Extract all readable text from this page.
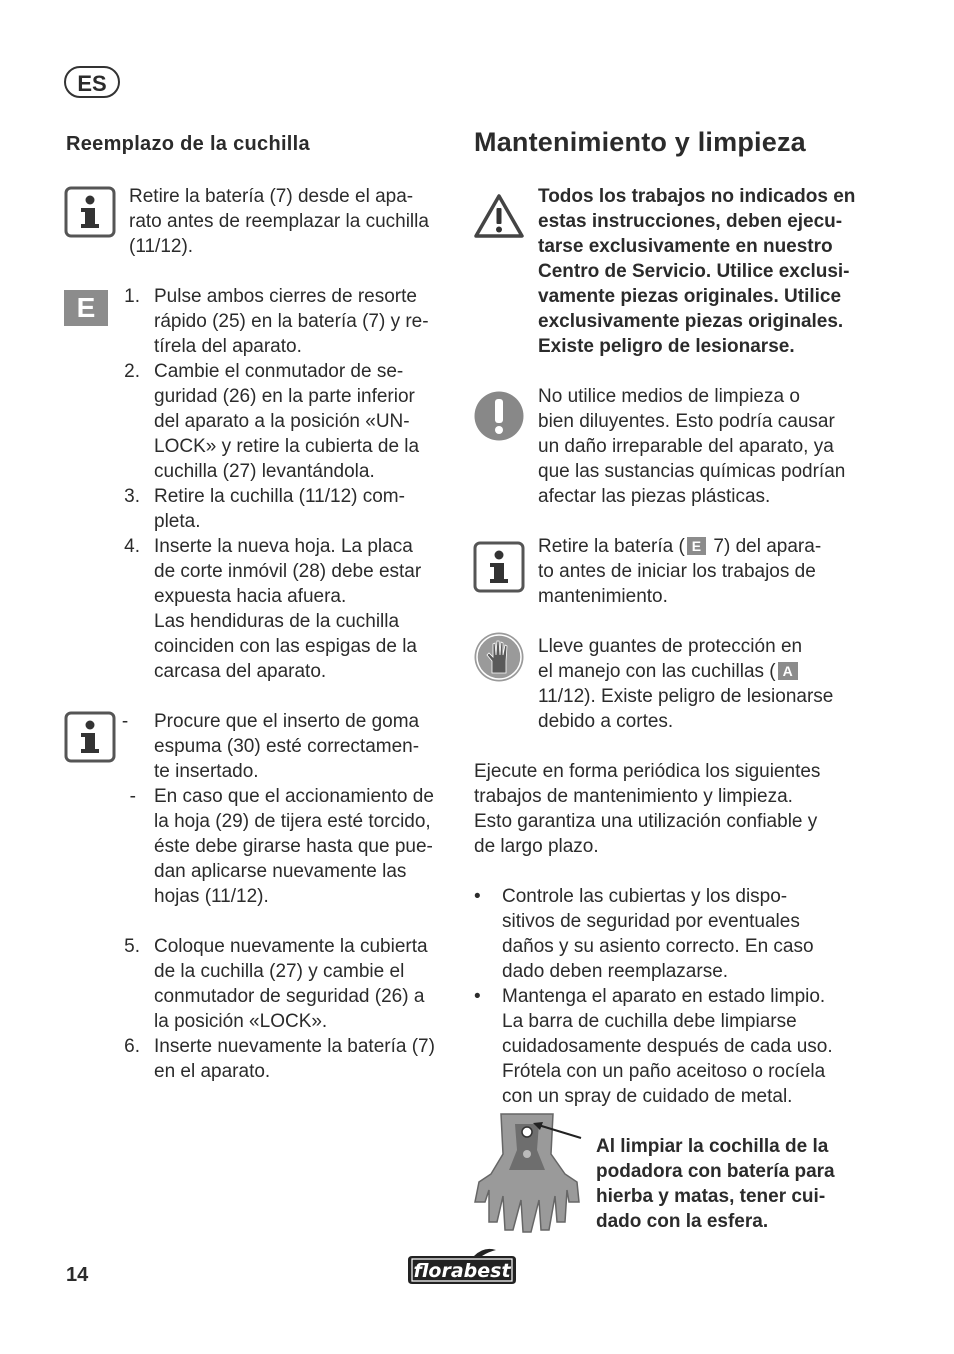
ES
Reemplazo de la cuchilla
Retire la batería (7) desde el apa-
rato antes de reemplazar la cuchilla
(11/12).
E	1. Pulse ambos cierres de resorte
rápido (25) en la batería (7) y re-
tírela del aparato.
2. Cambie el conmutador de se-
guridad (26) en la parte inferior
del aparato a la posición «UN-
LOCK» y retire la cubierta de la
cuchilla (27) levantándola.
3. Retire la cuchilla (11/12) com-
pleta.
4. Inserte la nueva hoja. La placa
de corte inmóvil (28) debe estar
expuesta hacia afuera.
Las hendiduras de la cuchilla
coinciden con las espigas de la
carcasa del aparato.
-	Procure que el inserto de goma
espuma (30) esté correctamen-
te insertado.
- En caso que el accionamiento de
la hoja (29) de tijera esté torcido,
éste debe girarse hasta que pue-
dan aplicarse nuevamente las
hojas (11/12).
5. Coloque nuevamente la cubierta
de la cuchilla (27) y cambie el
conmutador de seguridad (26) a
la posición «LOCK».
6. Inserte nuevamente la batería (7)
en el aparato.
Mantenimiento y limpieza
Todos los trabajos no indicados en
estas instrucciones, deben ejecu-
tarse exclusivamente en nuestro
Centro de Servicio. Utilice exclusi-
vamente piezas originales. Utilice
exclusivamente piezas originales.
Existe peligro de lesionarse.
No utilice medios de limpieza o
bien diluyentes. Esto podría causar
un daño irreparable del aparato, ya
que las sustancias químicas podrían
afectar las piezas plásticas.
Retire la batería ( E 7) del apara-
to antes de iniciar los trabajos de
mantenimiento.
Lleve guantes de protección en
el manejo con las cuchillas ( A
11/12). Existe peligro de lesionarse
debido a cortes.
Ejecute en forma periódica los siguientes
trabajos de mantenimiento y limpieza.
Esto garantiza una utilización confiable y
de largo plazo.
•	Controle las cubiertas y los dispo-
sitivos de seguridad por eventuales
daños y su asiento correcto. En caso
dado deben reemplazarse.
•	Mantenga el aparato en estado limpio.
La barra de cuchilla debe limpiarse
cuidadosamente después de cada uso.
Frótela con un paño aceitoso o rocíela
con un spray de cuidado de metal.
Al limpiar la cochilla de la
podadora con batería para
hierba y matas, tener cui-
dado con la esfera.
14	florabest
